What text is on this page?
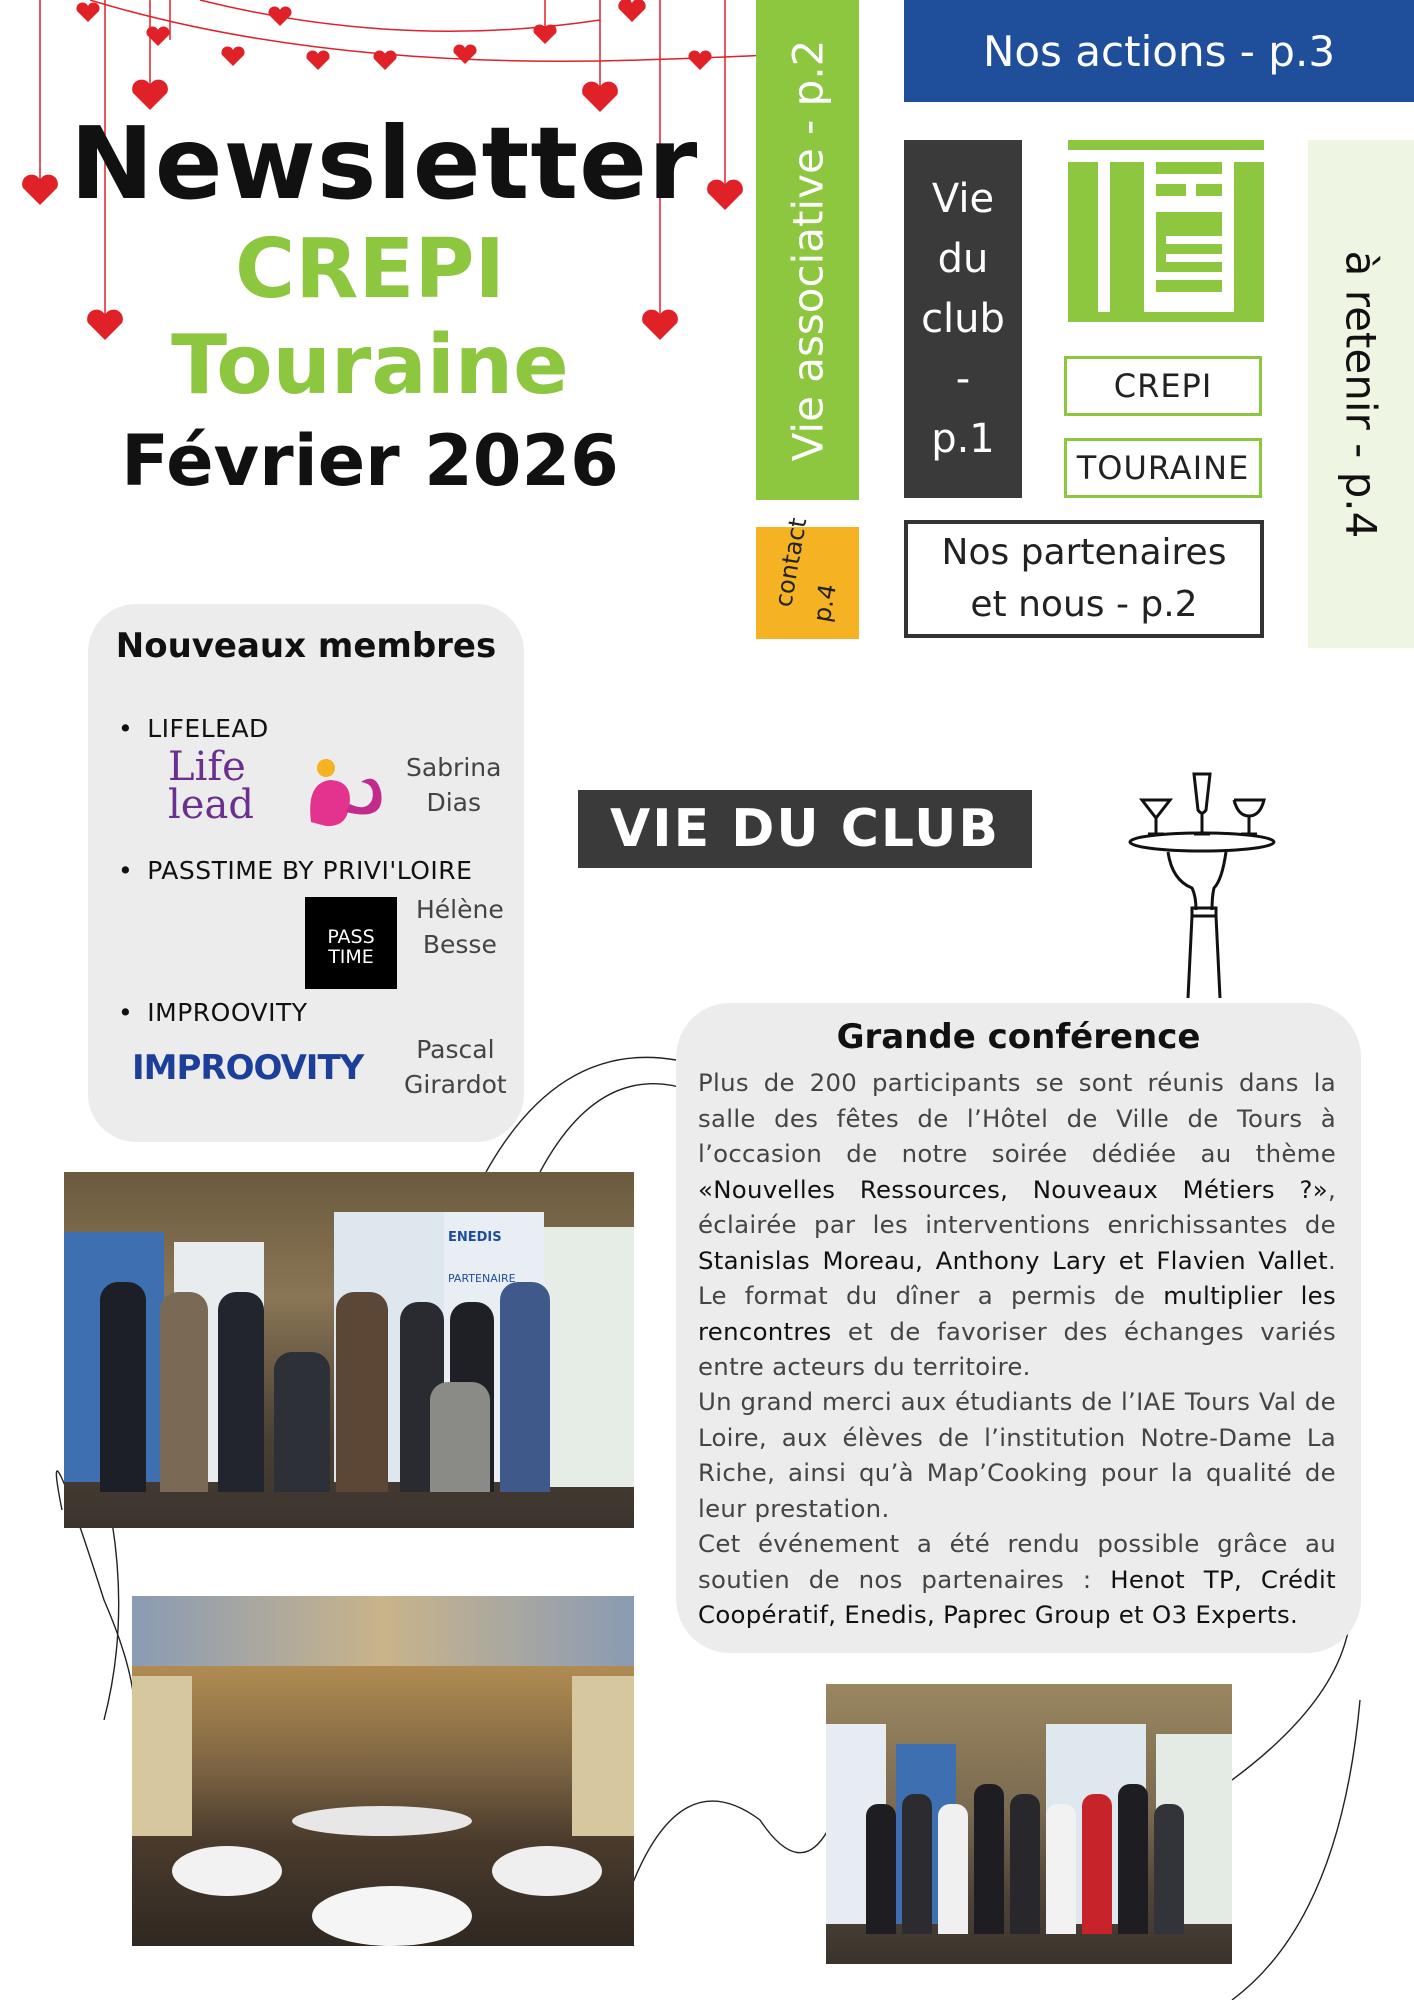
Newsletter
CREPI
Touraine
Février 2026
Vie associative - p.2
contact

p.4
Nos actions - p.3
Vie
du
club
-
p.1	à retenir - p.4
Nos partenaires
et nous - p.2
CREPI
TOURAINE
Nouveaux membres
• LIFELEAD
Life lead
Sabrina
Dias
• PASSTIME BY PRIVI'LOIRE
PASS
TIME
Hélène
Besse
• IMPROOVITY
IMPROOVITY	Pascal
Girardot
VIE DU CLUB
ENEDIS
PARTENAIRE
Grande conférence
Plus de 200 participants se sont réunis dans la salle des fêtes de l’Hôtel de Ville de Tours à l’occasion de notre soirée dédiée au thème «Nouvelles Ressources, Nouveaux Métiers ?», éclairée par les interventions enrichissantes de Stanislas Moreau, Anthony Lary et Flavien Vallet. Le format du dîner a permis de multiplier les rencontres et de favoriser des échanges variés entre acteurs du territoire.
Un grand merci aux étudiants de l’IAE Tours Val de Loire, aux élèves de l’institution Notre-Dame La Riche, ainsi qu’à Map’Cooking pour la qualité de leur prestation.
Cet événement a été rendu possible grâce au soutien de nos partenaires : Henot TP, Crédit Coopératif, Enedis, Paprec Group et O3 Experts.
